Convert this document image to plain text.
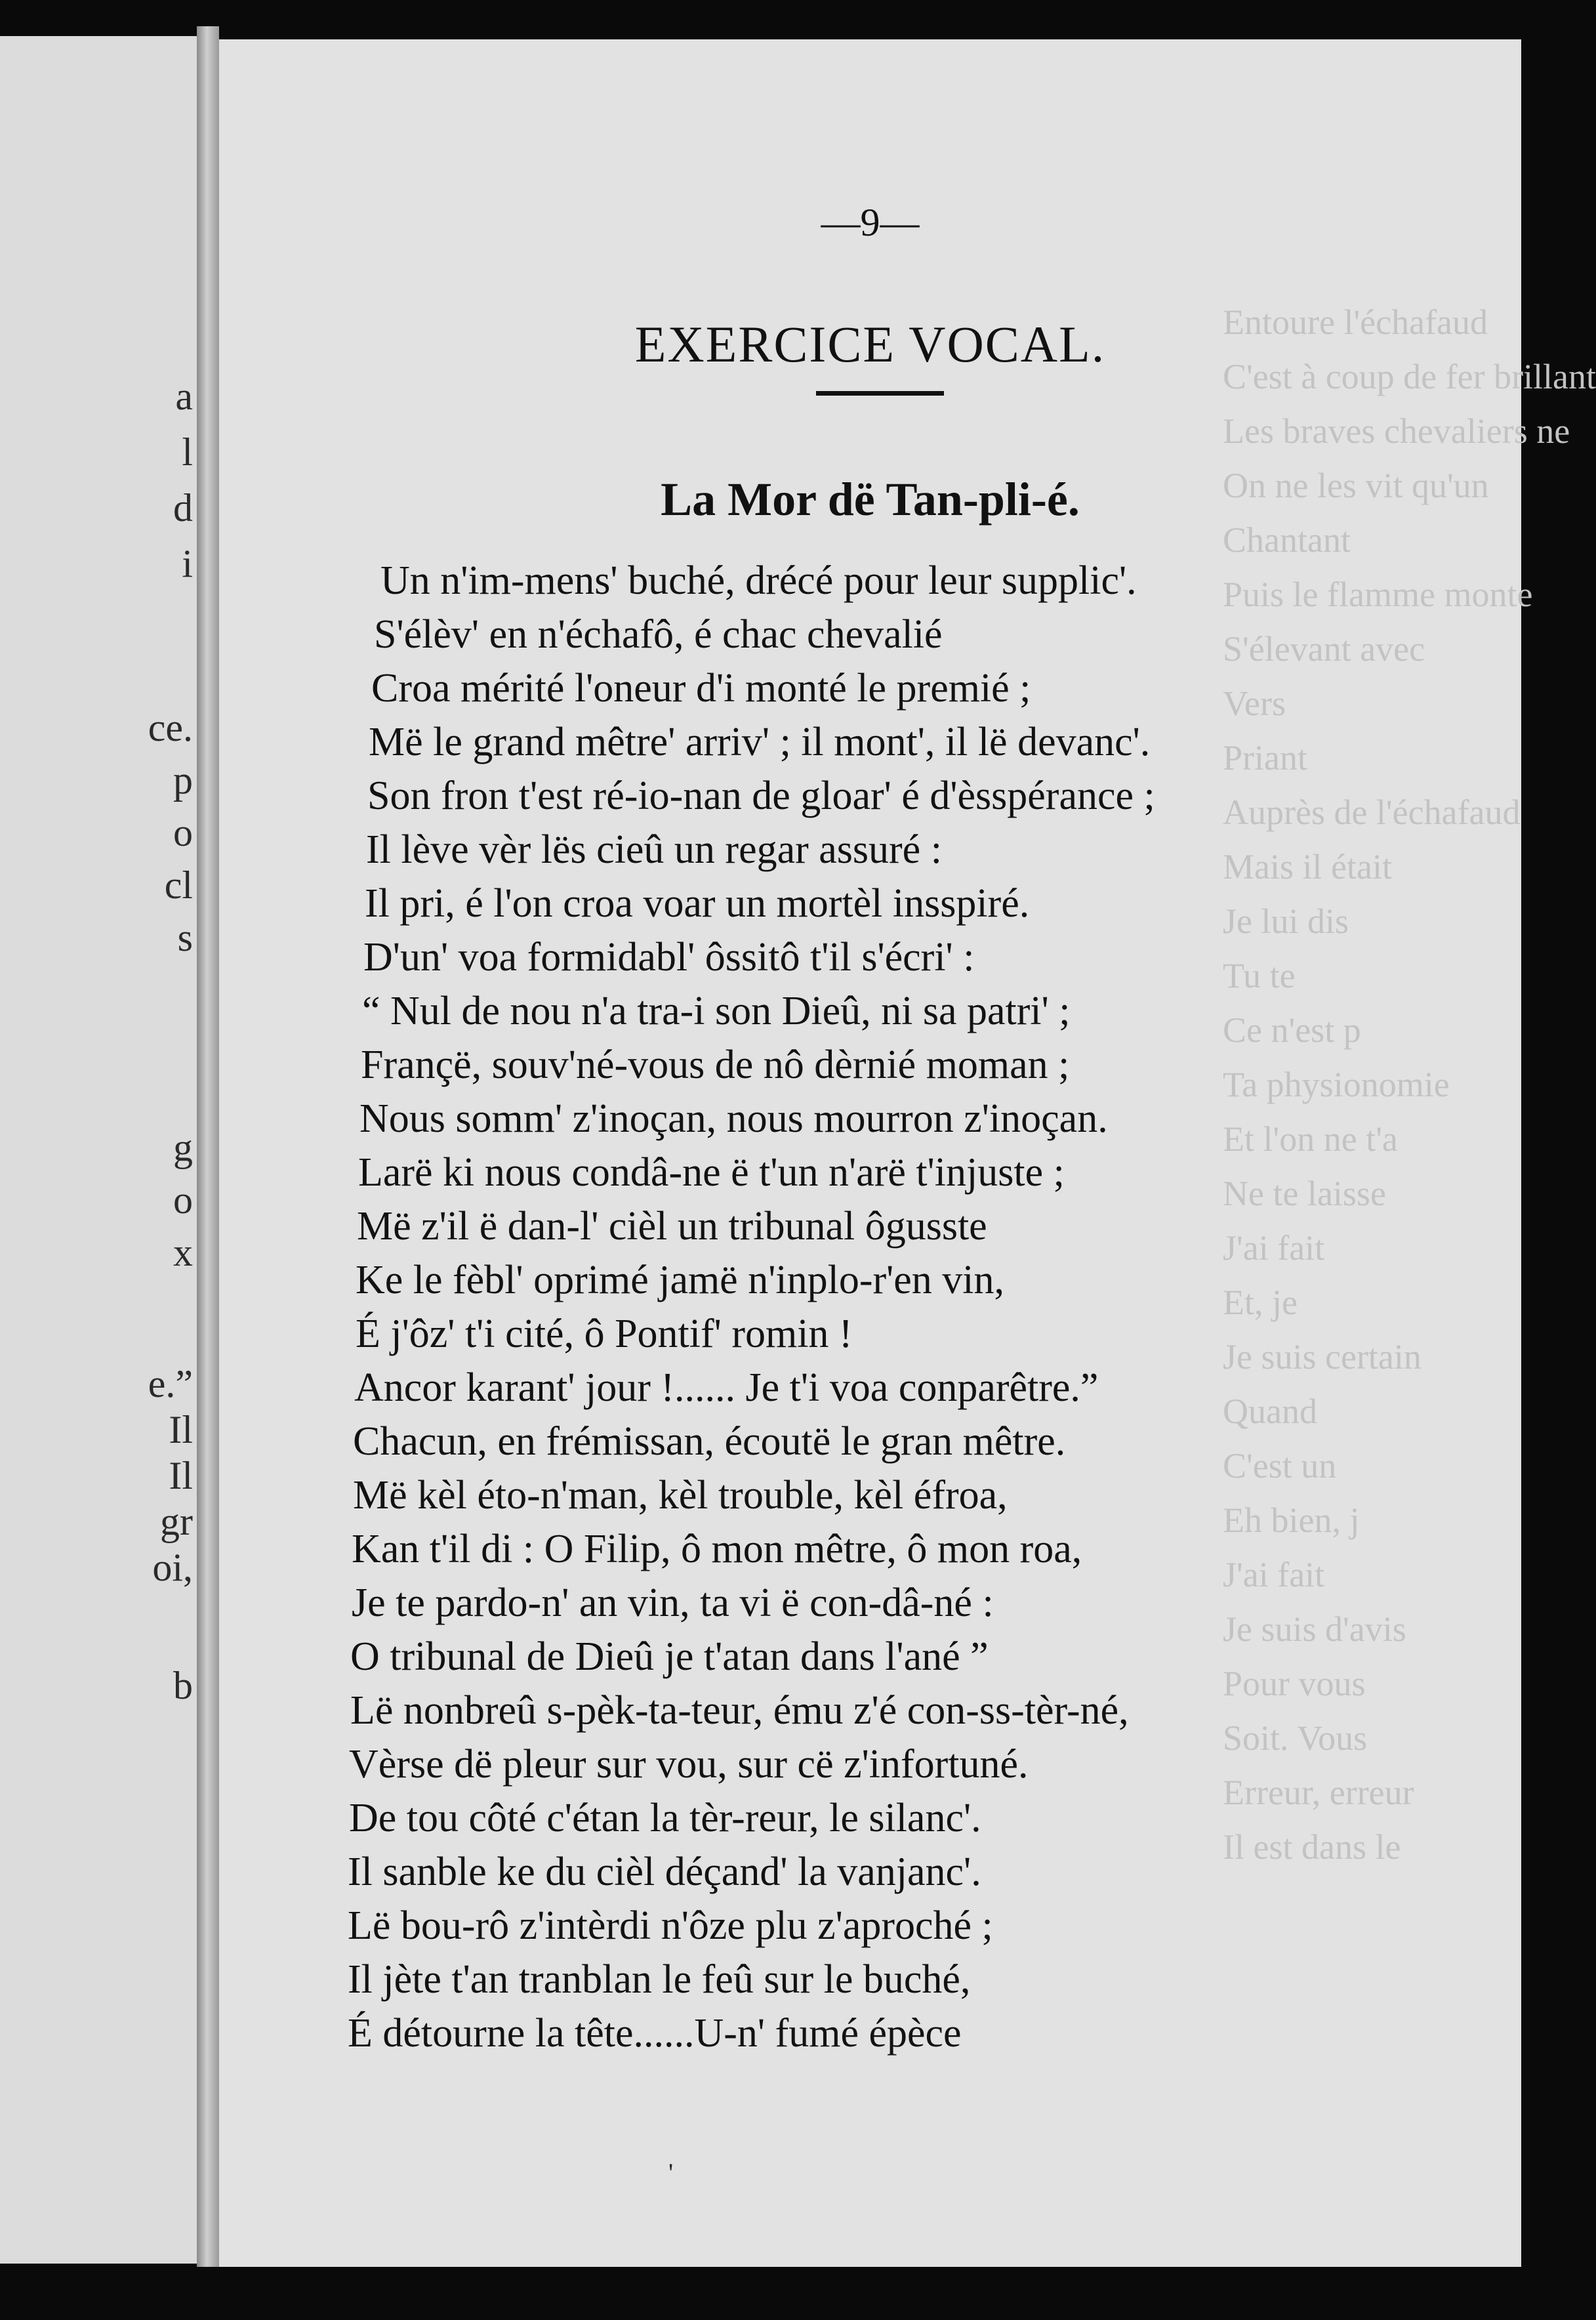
a

l

d

i

ce.

p

o

cl

s

g

o

x

e.”

Il

Il

gr

oi,

b

Entoure l'échafaud
C'est à coup de fer brillant
Les braves chevaliers ne
On ne les vit qu'un
Chantant
Puis le flamme monte
S'élevant avec
Vers
Priant
Auprès de l'échafaud
Mais il était
Je lui dis
Tu te
Ce n'est p
Ta physionomie
Et l'on ne t'a
Ne te laisse
J'ai fait
Et, je
Je suis certain
Quand
C'est un
Eh bien, j
J'ai fait
Je suis d'avis
Pour vous
Soit. Vous
Erreur, erreur
Il est dans le

—9—

EXERCICE VOCAL.
La Mor dë Tan-pli-é.
Un n'im-mens' buché, drécé pour leur supplic'.
S'élèv' en n'échafô, é chac chevalié
Croa mérité l'oneur d'i monté le premié ;
Më le grand mêtre' arriv' ; il mont', il lë devanc'.
Son fron t'est ré-io-nan de gloar' é d'èsspérance ;
Il lève vèr lës cieû un regar assuré :
Il pri, é l'on croa voar un mortèl insspiré.
D'un' voa formidabl' ôssitô t'il s'écri' :
“ Nul de nou n'a tra-i son Dieû, ni sa patri' ;
Françë, souv'né-vous de nô dèrnié moman ;
Nous somm' z'inoçan, nous mourron z'inoçan.
Larë ki nous condâ-ne ë t'un n'arë t'injuste ;
Më z'il ë dan-l' cièl un tribunal ôgusste
Ke le fèbl' oprimé jamë n'inplo-r'en vin,
É j'ôz' t'i cité, ô Pontif' romin !
Ancor karant' jour !...... Je t'i voa conparêtre.”
Chacun, en frémissan, écoutë le gran mêtre.
Më kèl éto-n'man, kèl trouble, kèl éfroa,
Kan t'il di : O Filip, ô mon mêtre, ô mon roa,
Je te pardo-n' an vin, ta vi ë con-dâ-né :
O tribunal de Dieû je t'atan dans l'ané ”
Lë nonbreû s-pèk-ta-teur, ému z'é con-ss-tèr-né,
Vèrse dë pleur sur vou, sur cë z'infortuné.
De tou côté c'étan la tèr-reur, le silanc'.
Il sanble ke du cièl déçand' la vanjanc'.
Lë bou-rô z'intèrdi n'ôze plu z'aproché ;
Il jète t'an tranblan le feû sur le buché,
É détourne la tête......U-n' fumé épèce

'
